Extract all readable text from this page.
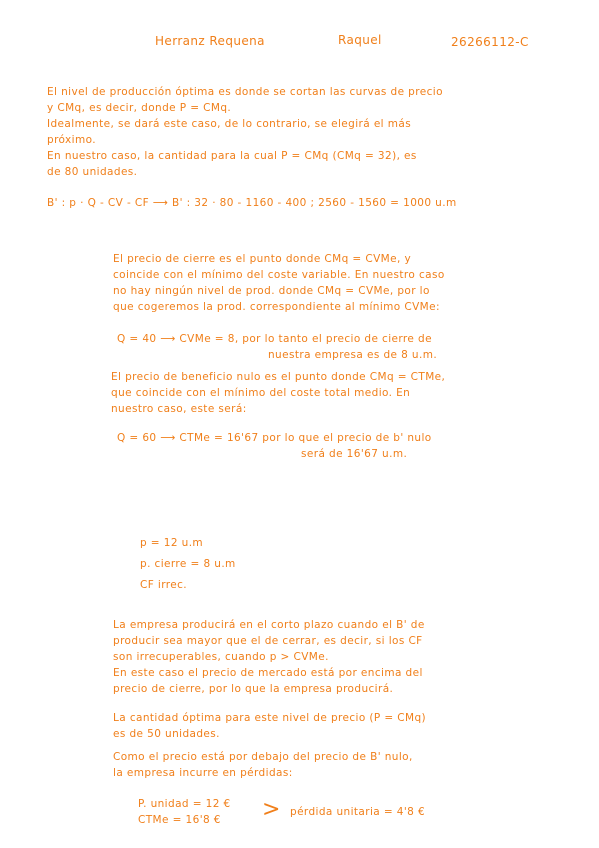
Herranz Requena	Raquel	26266112-C
El nivel de producción óptima es donde se cortan las curvas de precio
y CMq, es decir, donde P = CMq.
Idealmente, se dará este caso, de lo contrario, se elegirá el más
próximo.
En nuestro caso, la cantidad para la cual P = CMq (CMq = 32), es
de 80 unidades.
B' : p · Q - CV - CF ⟶ B' : 32 · 80 - 1160 - 400 ; 2560 - 1560 = 1000 u.m
El precio de cierre es el punto donde CMq = CVMe, y
coincide con el mínimo del coste variable. En nuestro caso
no hay ningún nivel de prod. donde CMq = CVMe, por lo
que cogeremos la prod. correspondiente al mínimo CVMe:
Q = 40 ⟶ CVMe = 8, por lo tanto el precio de cierre de
nuestra empresa es de 8 u.m.
El precio de beneficio nulo es el punto donde CMq = CTMe,
que coincide con el mínimo del coste total medio. En
nuestro caso, este será:
Q = 60 ⟶ CTMe = 16'67 por lo que el precio de b' nulo
será de 16'67 u.m.
p = 12 u.m
p. cierre = 8 u.m
CF irrec.
La empresa producirá en el corto plazo cuando el B' de
producir sea mayor que el de cerrar, es decir, si los CF
son irrecuperables, cuando p > CVMe.
En este caso el precio de mercado está por encima del
precio de cierre, por lo que la empresa producirá.
La cantidad óptima para este nivel de precio (P = CMq)
es de 50 unidades.
Como el precio está por debajo del precio de B' nulo,
la empresa incurre en pérdidas:
P. unidad = 12 €
CTMe = 16'8 € > pérdida unitaria = 4'8 €
